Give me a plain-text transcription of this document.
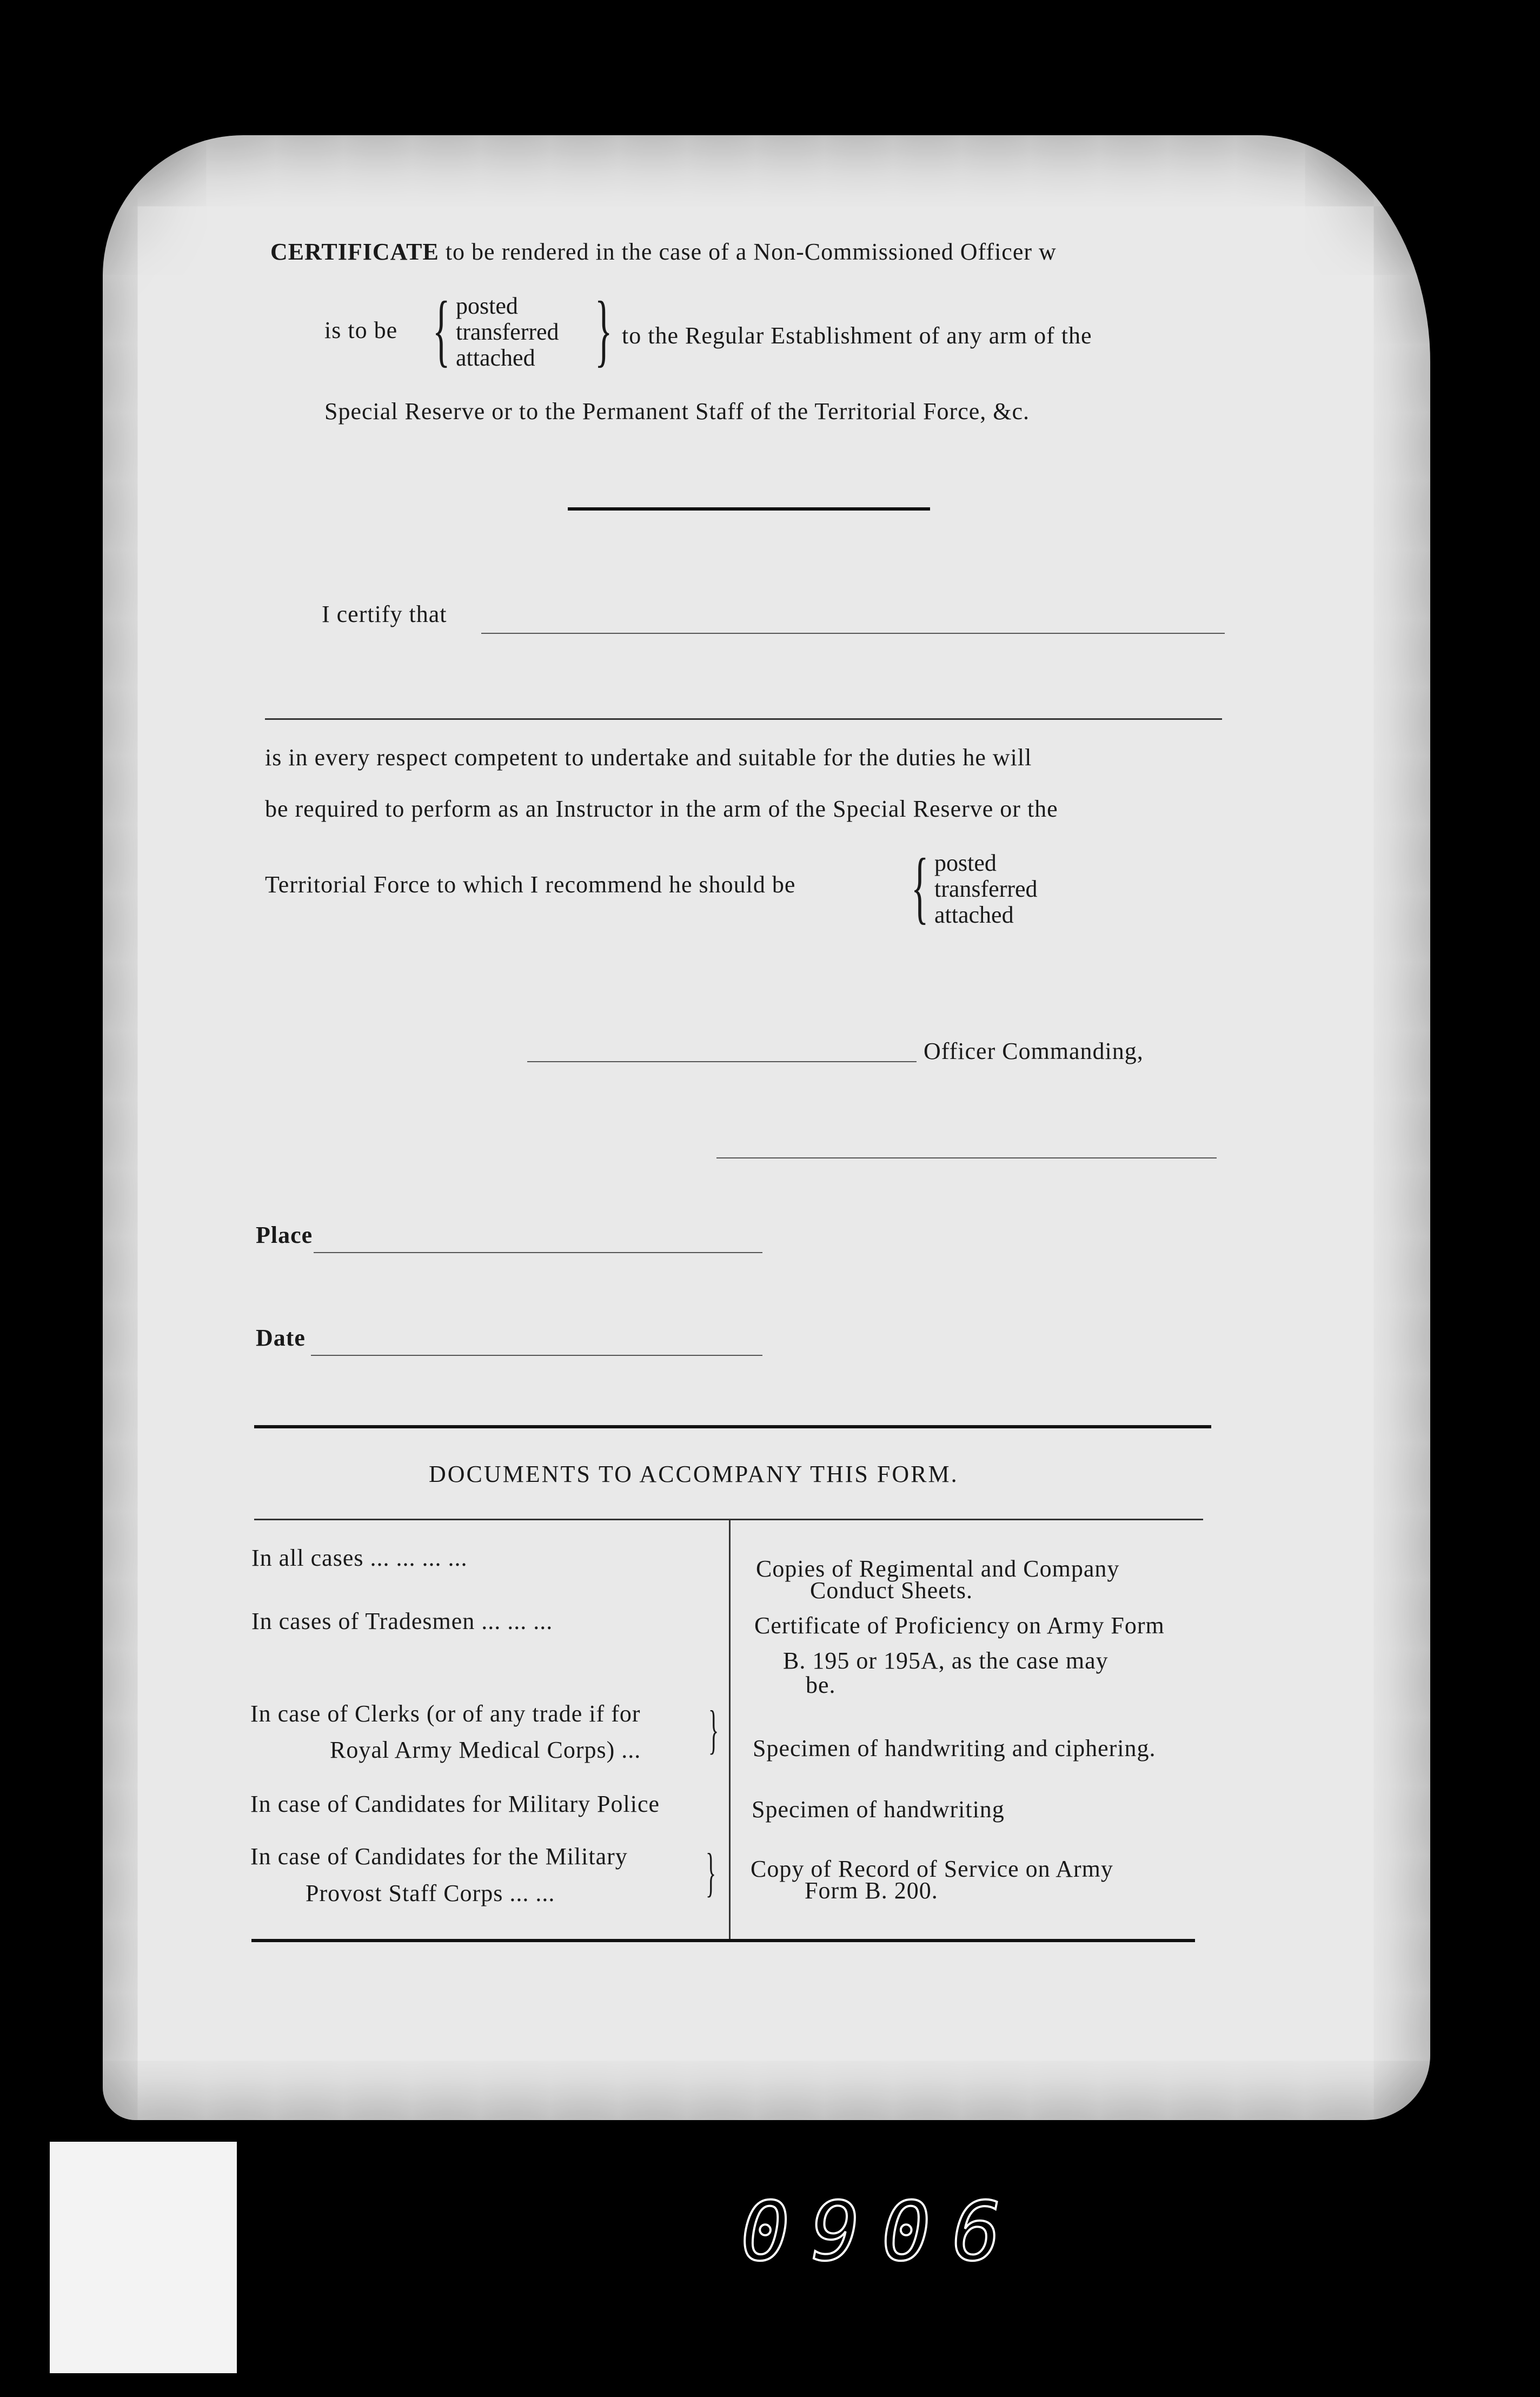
CERTIFICATE to be rendered in the case of a Non-Commissioned Officer w
is to be { posted
transferred
attached } to the Regular Establishment of any arm of the
Special Reserve or to the Permanent Staff of the Territorial Force, &c.
I certify that
is in every respect competent to undertake and suitable for the duties he will
be required to perform as an Instructor in the arm of the Special Reserve or the
Territorial Force to which I recommend he should be { posted
transferred
attached
Officer Commanding,
Place
Date
DOCUMENTS TO ACCOMPANY THIS FORM.
In all cases ... ... ... ...	Copies of Regimental and Company
Conduct Sheets.
In cases of Tradesmen ... ... ...	Certificate of Proficiency on Army Form
B. 195 or 195A, as the case may
be.
In case of Clerks (or of any trade if for
Royal Army Medical Corps) ... } Specimen of handwriting and ciphering.
In case of Candidates for Military Police	Specimen of handwriting
In case of Candidates for the Military
Provost Staff Corps ... ...	} Copy of Record of Service on Army
Form B. 200.
0906
